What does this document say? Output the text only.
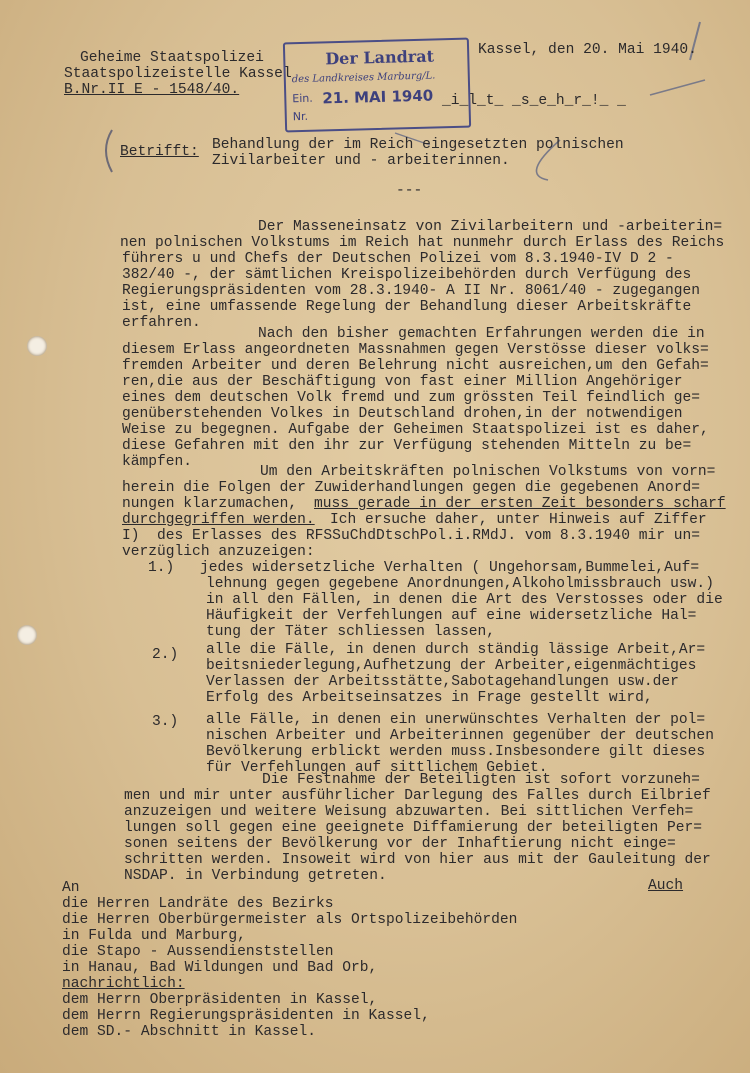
Geheime Staatspolizei
Staatspolizeistelle Kassel
B.Nr.II E - 1548/40.
Kassel, den 20. Mai 1940.
_i_l_t_ _s_e_h_r_!_ _
Der Landrat
des Landkreises Marburg/L.
Ein. 21. MAI 1940
Nr.
Betrifft: Behandlung der im Reich eingesetzten polnischen
Zivilarbeiter und - arbeiterinnen.
---
Der Masseneinsatz von Zivilarbeitern und -arbeiterin=
nen polnischen Volkstums im Reich hat nunmehr durch Erlass des Reichs
führers u und Chefs der Deutschen Polizei vom 8.3.1940-IV D 2 -
382/40 -, der sämtlichen Kreispolizeibehörden durch Verfügung des
Regierungspräsidenten vom 28.3.1940- A II Nr. 8061/40 - zugegangen
ist, eine umfassende Regelung der Behandlung dieser Arbeitskräfte
erfahren.
Nach den bisher gemachten Erfahrungen werden die in
diesem Erlass angeordneten Massnahmen gegen Verstösse dieser volks=
fremden Arbeiter und deren Belehrung nicht ausreichen,um den Gefah=
ren,die aus der Beschäftigung von fast einer Million Angehöriger
eines dem deutschen Volk fremd und zum grössten Teil feindlich ge=
genüberstehenden Volkes in Deutschland drohen,in der notwendigen
Weise zu begegnen. Aufgabe der Geheimen Staatspolizei ist es daher,
diese Gefahren mit den ihr zur Verfügung stehenden Mitteln zu be=
kämpfen.
Um den Arbeitskräften polnischen Volkstums von vorn=
herein die Folgen der Zuwiderhandlungen gegen die gegebenen Anord=
nungen klarzumachen, muss gerade in der ersten Zeit besonders scharf
durchgegriffen werden. Ich ersuche daher, unter Hinweis auf Ziffer
I)  des Erlasses des RFSSuChdDtschPol.i.RMdJ. vom 8.3.1940 mir un=
verzüglich anzuzeigen:
1.) jedes widersetzliche Verhalten ( Ungehorsam,Bummelei,Auf=
lehnung gegen gegebene Anordnungen,Alkoholmissbrauch usw.)
in all den Fällen, in denen die Art des Verstosses oder die
Häufigkeit der Verfehlungen auf eine widersetzliche Hal=
tung der Täter schliessen lassen,
2.) alle die Fälle, in denen durch ständig lässige Arbeit,Ar=
beitsniederlegung,Aufhetzung der Arbeiter,eigenmächtiges
Verlassen der Arbeitsstätte,Sabotagehandlungen usw.der
Erfolg des Arbeitseinsatzes in Frage gestellt wird,
3.) alle Fälle, in denen ein unerwünschtes Verhalten der pol=
nischen Arbeiter und Arbeiterinnen gegenüber der deutschen
Bevölkerung erblickt werden muss.Insbesondere gilt dieses
für Verfehlungen auf sittlichem Gebiet.
Die Festnahme der Beteiligten ist sofort vorzuneh=
men und mir unter ausführlicher Darlegung des Falles durch Eilbrief
anzuzeigen und weitere Weisung abzuwarten. Bei sittlichen Verfeh=
lungen soll gegen eine geeignete Diffamierung der beteiligten Per=
sonen seitens der Bevölkerung vor der Inhaftierung nicht einge=
schritten werden. Insoweit wird von hier aus mit der Gauleitung der
NSDAP. in Verbindung getreten.
Auch
An
die Herren Landräte des Bezirks
die Herren Oberbürgermeister als Ortspolizeibehörden
in Fulda und Marburg,
die Stapo - Aussendienststellen
in Hanau, Bad Wildungen und Bad Orb,
nachrichtlich:
dem Herrn Oberpräsidenten in Kassel,
dem Herrn Regierungspräsidenten in Kassel,
dem SD.- Abschnitt in Kassel.
